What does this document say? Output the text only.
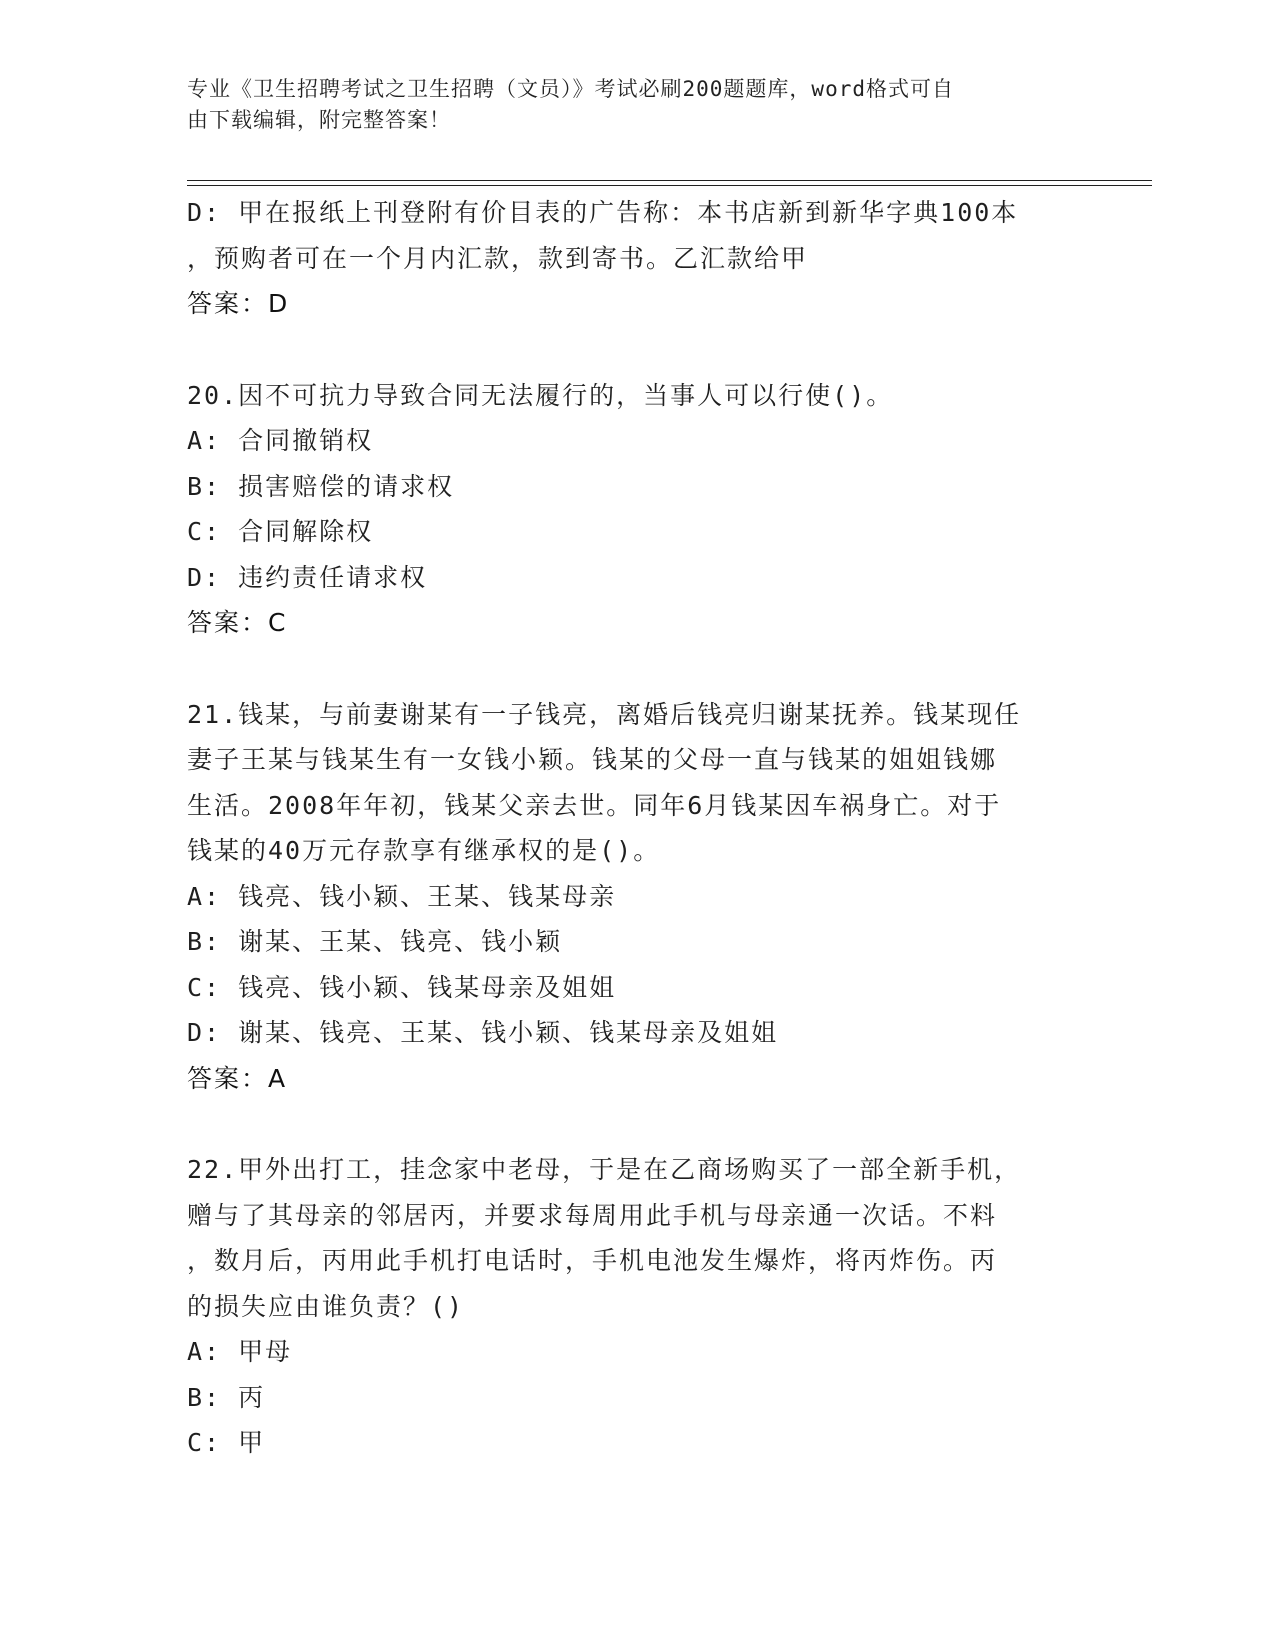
专业《卫生招聘考试之卫生招聘（文员）》考试必刷200题题库，word格式可自
由下载编辑，附完整答案！
D: 甲在报纸上刊登附有价目表的广告称：本书店新到新华字典100本
，预购者可在一个月内汇款，款到寄书。乙汇款给甲
答案：D
20.因不可抗力导致合同无法履行的，当事人可以行使()。
A: 合同撤销权
B: 损害赔偿的请求权
C: 合同解除权
D: 违约责任请求权
答案：C
21.钱某，与前妻谢某有一子钱亮，离婚后钱亮归谢某抚养。钱某现任
妻子王某与钱某生有一女钱小颖。钱某的父母一直与钱某的姐姐钱娜
生活。2008年年初，钱某父亲去世。同年6月钱某因车祸身亡。对于
钱某的40万元存款享有继承权的是()。
A: 钱亮、钱小颖、王某、钱某母亲
B: 谢某、王某、钱亮、钱小颖
C: 钱亮、钱小颖、钱某母亲及姐姐
D: 谢某、钱亮、王某、钱小颖、钱某母亲及姐姐
答案：A
22.甲外出打工，挂念家中老母，于是在乙商场购买了一部全新手机，
赠与了其母亲的邻居丙，并要求每周用此手机与母亲通一次话。不料
，数月后，丙用此手机打电话时，手机电池发生爆炸，将丙炸伤。丙
的损失应由谁负责？()
A: 甲母
B: 丙
C: 甲
